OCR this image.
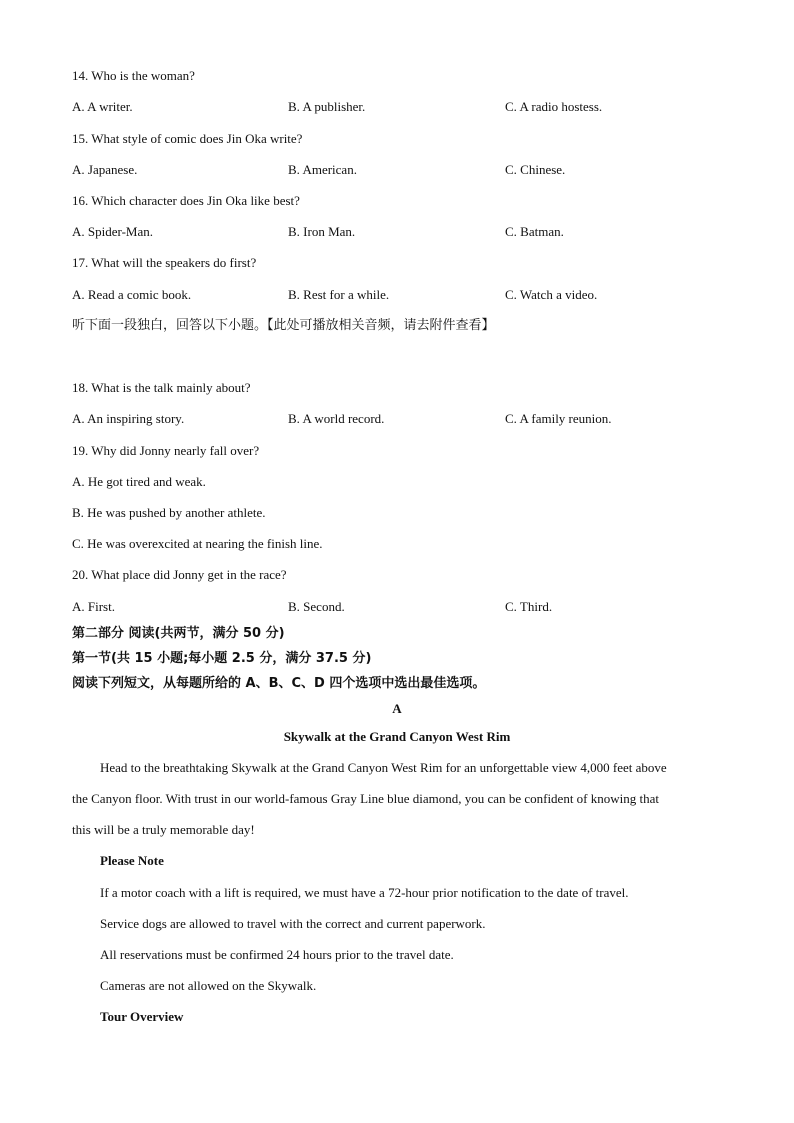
14. Who is the woman?
A. A writer.	B. A publisher.	C. A radio hostess.
15. What style of comic does Jin Oka write?
A. Japanese.	B. American.	C. Chinese.
16. Which character does Jin Oka like best?
A. Spider-Man.	B. Iron Man.	C. Batman.
17. What will the speakers do first?
A. Read a comic book.	B. Rest for a while.	C. Watch a video.
听下面一段独白，回答以下小题。【此处可播放相关音频，请去附件查看】
18. What is the talk mainly about?
A. An inspiring story.	B. A world record.	C. A family reunion.
19. Why did Jonny nearly fall over?
A. He got tired and weak.
B. He was pushed by another athlete.
C. He was overexcited at nearing the finish line.
20. What place did Jonny get in the race?
A. First.	B. Second.	C. Third.
第二部分 阅读(共两节，满分 50 分)
第一节(共 15 小题;每小题 2.5 分，满分 37.5 分)
阅读下列短文，从每题所给的 A、B、C、D 四个选项中选出最佳选项。
A
Skywalk at the Grand Canyon West Rim
Head to the breathtaking Skywalk at the Grand Canyon West Rim for an unforgettable view 4,000 feet above
the Canyon floor. With trust in our world-famous Gray Line blue diamond, you can be confident of knowing that
this will be a truly memorable day!
Please Note
If a motor coach with a lift is required, we must have a 72-hour prior notification to the date of travel.
Service dogs are allowed to travel with the correct and current paperwork.
All reservations must be confirmed 24 hours prior to the travel date.
Cameras are not allowed on the Skywalk.
Tour Overview
